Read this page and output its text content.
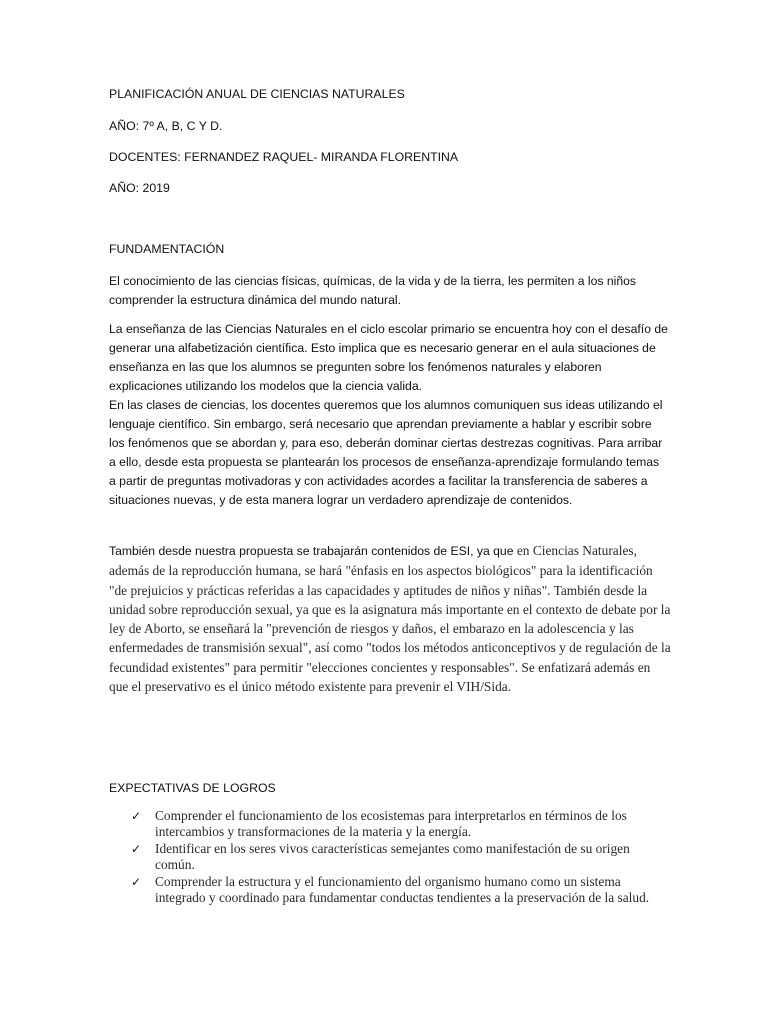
PLANIFICACIÓN ANUAL DE CIENCIAS NATURALES

AÑO: 7º A, B, C Y D.

DOCENTES: FERNANDEZ RAQUEL- MIRANDA FLORENTINA

AÑO: 2019

FUNDAMENTACIÓN

El conocimiento de las ciencias físicas, químicas, de la vida y de la tierra, les permiten a los niños comprender la estructura dinámica del mundo natural.

La enseñanza de las Ciencias Naturales en el ciclo escolar primario se encuentra hoy con el desafío de generar una alfabetización científica. Esto implica que es necesario generar en el aula situaciones de enseñanza en las que los alumnos se pregunten sobre los fenómenos naturales y elaboren explicaciones utilizando los modelos que la ciencia valida.
En las clases de ciencias, los docentes queremos que los alumnos comuniquen sus ideas utilizando el lenguaje científico. Sin embargo, será necesario que aprendan previamente a hablar y escribir sobre los fenómenos que se abordan y, para eso, deberán dominar ciertas destrezas cognitivas. Para arribar a ello, desde esta propuesta se plantearán los procesos de enseñanza-aprendizaje formulando temas a partir de preguntas motivadoras y con actividades acordes a facilitar la transferencia de saberes a situaciones nuevas, y de esta manera lograr un verdadero aprendizaje de contenidos.

También desde nuestra propuesta se trabajarán contenidos de ESI, ya que en Ciencias Naturales, además de la reproducción humana, se hará "énfasis en los aspectos biológicos" para la identificación "de prejuicios y prácticas referidas a las capacidades y aptitudes de niños y niñas". También desde la unidad sobre reproducción sexual, ya que es la asignatura más importante en el contexto de debate por la ley de Aborto, se enseñará la "prevención de riesgos y daños, el embarazo en la adolescencia y las enfermedades de transmisión sexual", así como "todos los métodos anticonceptivos y de regulación de la fecundidad existentes" para permitir "elecciones concientes y responsables". Se enfatizará además en que el preservativo es el único método existente para prevenir el VIH/Sida.

EXPECTATIVAS DE LOGROS

✓ Comprender el funcionamiento de los ecosistemas para interpretarlos en términos de los intercambios y transformaciones de la materia y la energía.
✓ Identificar en los seres vivos características semejantes como manifestación de su origen común.
✓ Comprender la estructura y el funcionamiento del organismo humano como un sistema integrado y coordinado para fundamentar conductas tendientes a la preservación de la salud.
